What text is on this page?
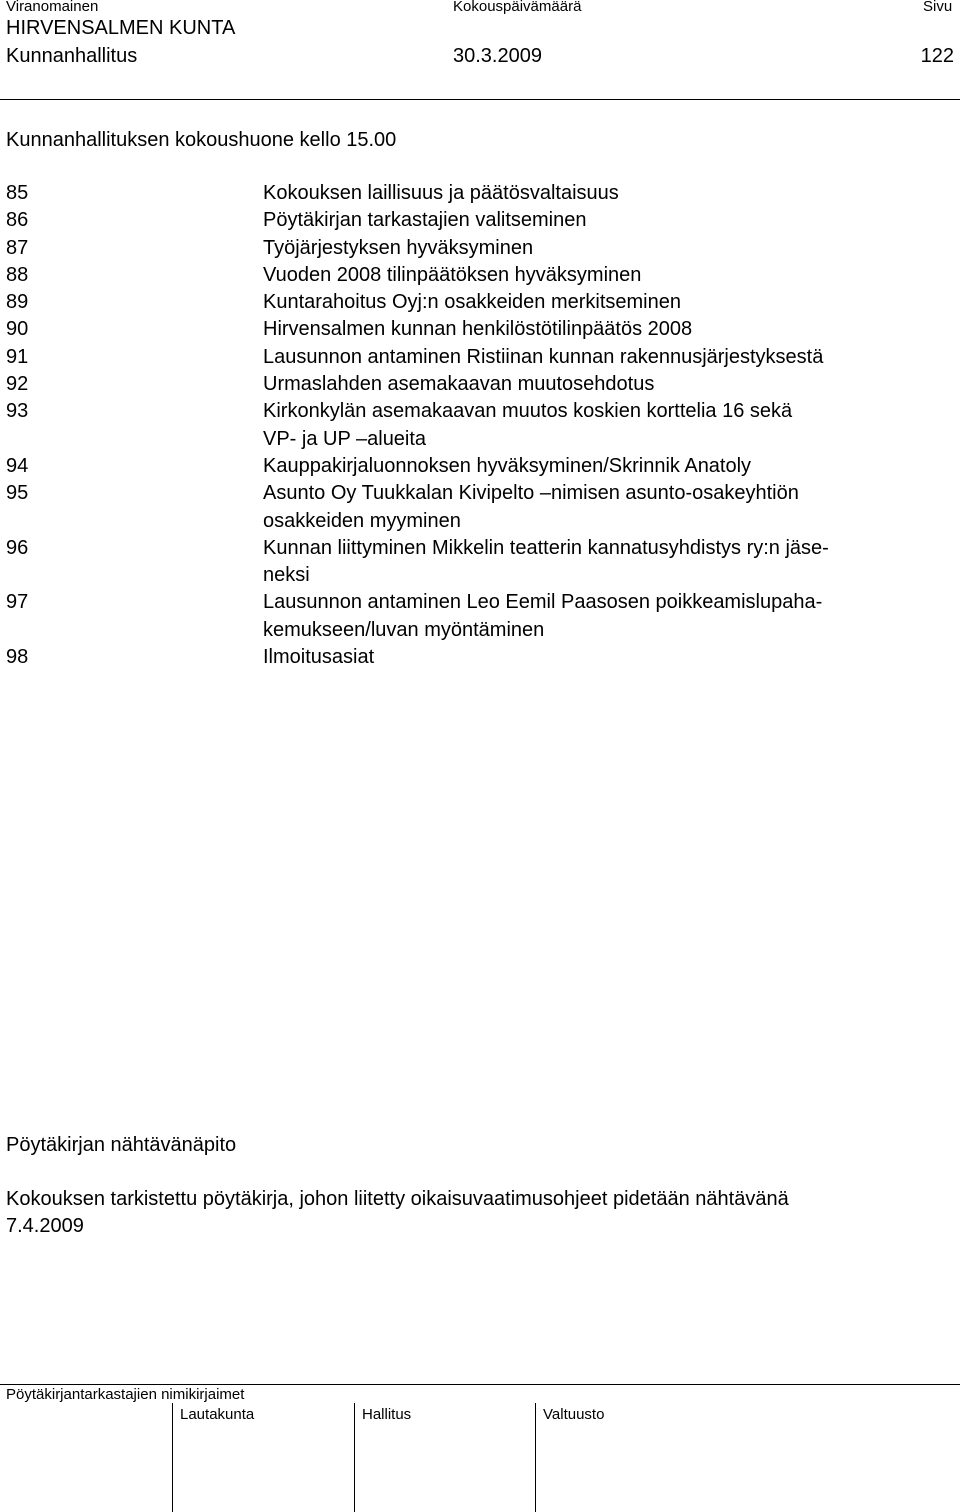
Viranomainen	Kokouspäivämäärä	Sivu
HIRVENSALMEN KUNTA
Kunnanhallitus	30.3.2009	122
Kunnanhallituksen kokoushuone kello 15.00
85	Kokouksen laillisuus ja päätösvaltaisuus
86	Pöytäkirjan tarkastajien valitseminen
87	Työjärjestyksen hyväksyminen
88	Vuoden 2008 tilinpäätöksen hyväksyminen
89	Kuntarahoitus Oyj:n osakkeiden merkitseminen
90	Hirvensalmen kunnan henkilöstötilinpäätös 2008
91	Lausunnon antaminen Ristiinan kunnan rakennusjärjestyksestä
92	Urmaslahden asemakaavan muutosehdotus
93	Kirkonkylän asemakaavan muutos koskien korttelia 16 sekä
VP- ja UP –alueita
94	Kauppakirjaluonnoksen hyväksyminen/Skrinnik Anatoly
95	Asunto Oy Tuukkalan Kivipelto –nimisen asunto-osakeyhtiön
osakkeiden myyminen
96	Kunnan liittyminen Mikkelin teatterin kannatusyhdistys ry:n jäse-
neksi
97	Lausunnon antaminen Leo Eemil Paasosen poikkeamislupaha-
kemukseen/luvan myöntäminen
98	Ilmoitusasiat
Pöytäkirjan nähtävänäpito
Kokouksen tarkistettu pöytäkirja, johon liitetty oikaisuvaatimusohjeet pidetään nähtävänä
7.4.2009
Pöytäkirjantarkastajien nimikirjaimet
Lautakunta	Hallitus	Valtuusto
